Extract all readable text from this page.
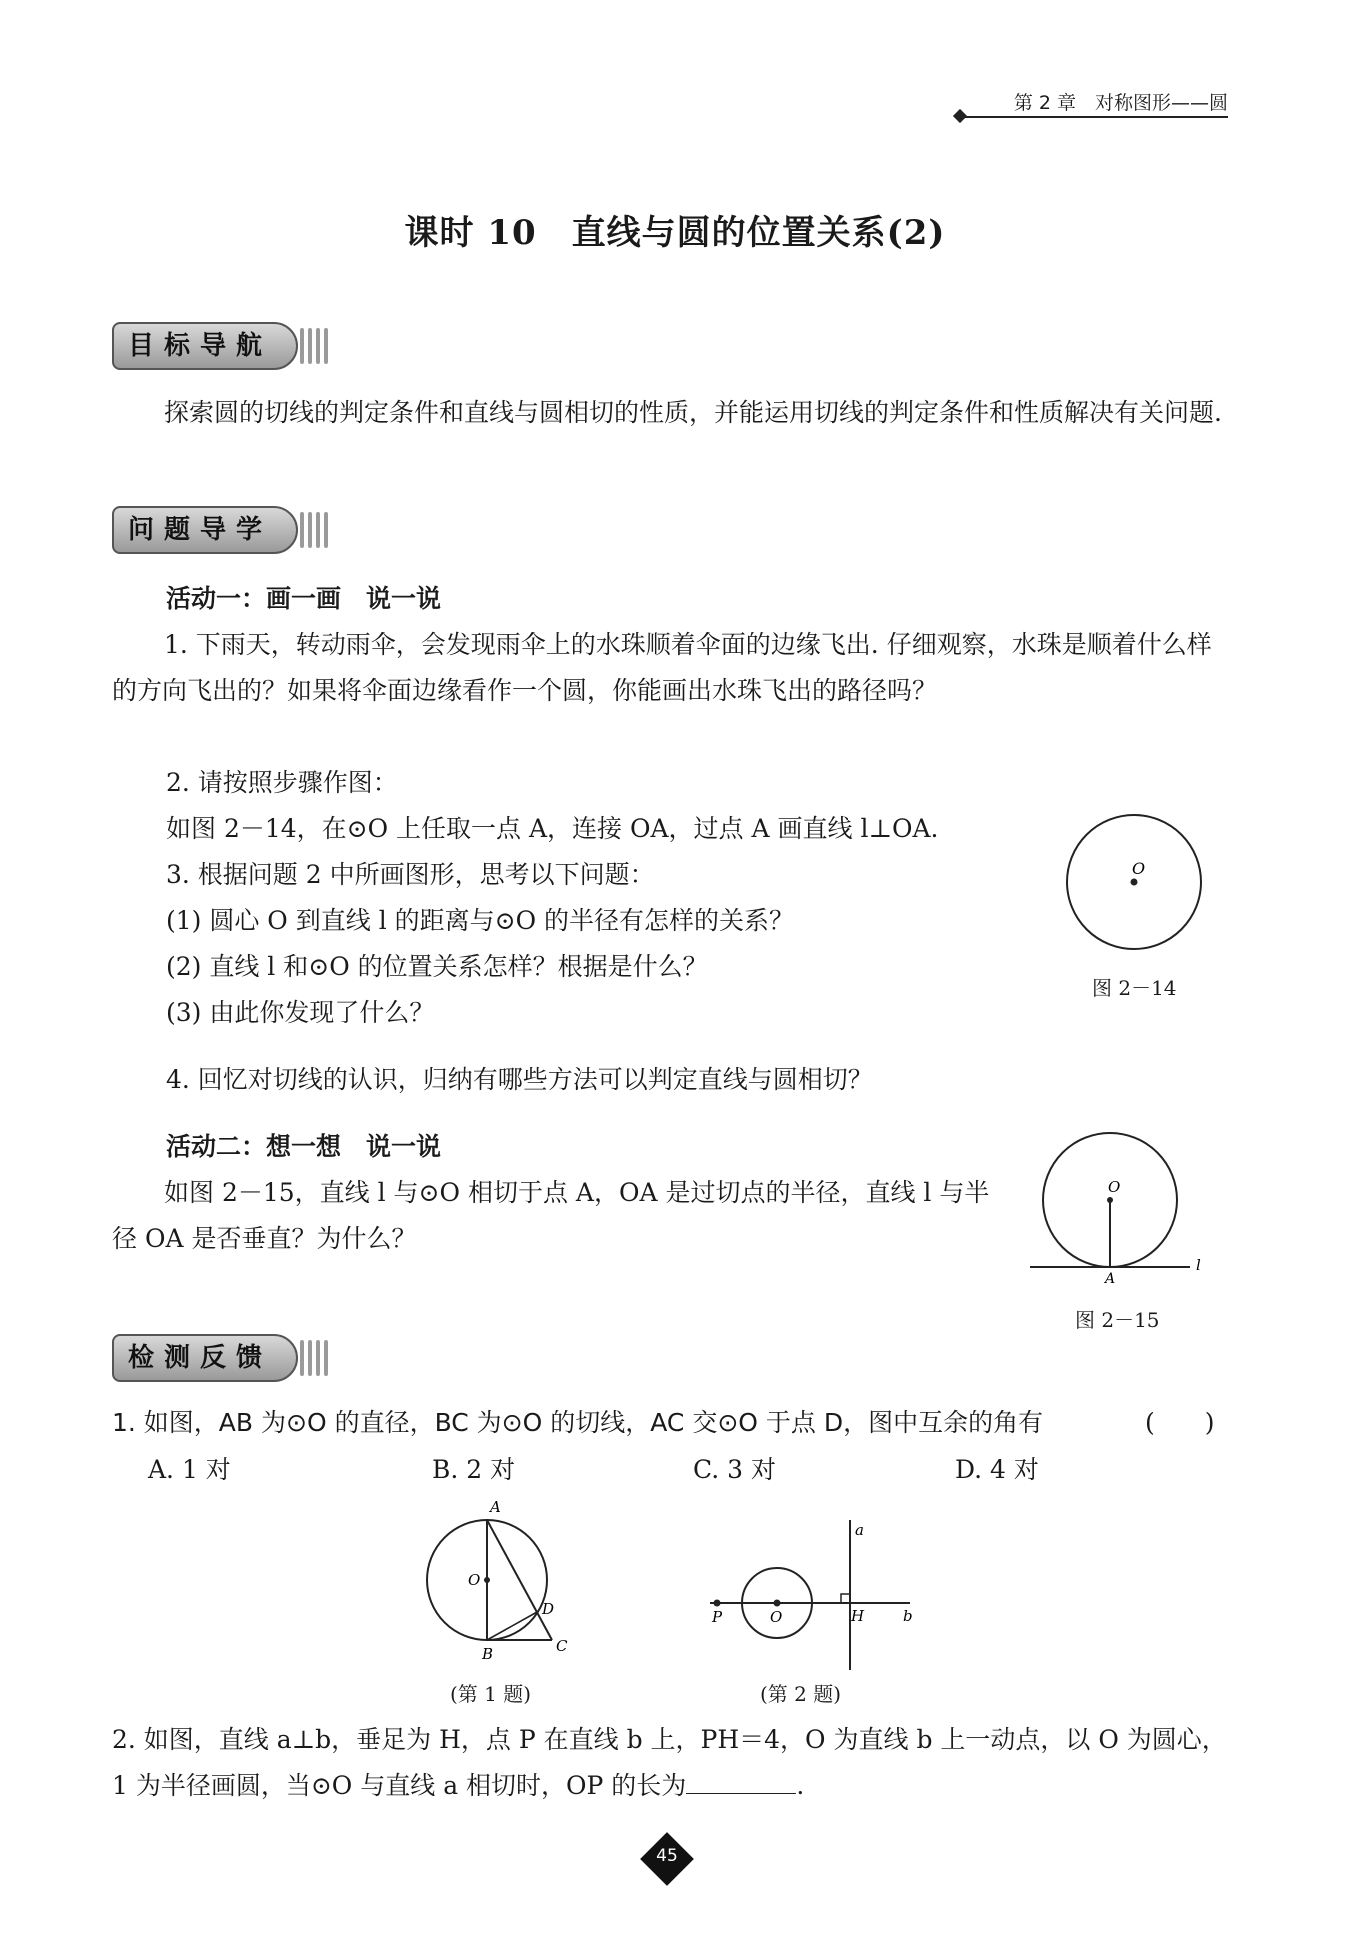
第 2 章　对称图形——圆
课时 10　直线与圆的位置关系(2)
目标导航
探索圆的切线的判定条件和直线与圆相切的性质，并能运用切线的判定条件和性质解决有关问题.
问题导学
活动一：画一画　说一说
1. 下雨天，转动雨伞，会发现雨伞上的水珠顺着伞面的边缘飞出. 仔细观察，水珠是顺着什么样的方向飞出的？如果将伞面边缘看作一个圆，你能画出水珠飞出的路径吗？
2. 请按照步骤作图：
如图 2－14，在⊙O 上任取一点 A，连接 OA，过点 A 画直线 l⊥OA.
3. 根据问题 2 中所画图形，思考以下问题：
(1) 圆心 O 到直线 l 的距离与⊙O 的半径有怎样的关系？
(2) 直线 l 和⊙O 的位置关系怎样？根据是什么？
(3) 由此你发现了什么？
O
图 2－14
4. 回忆对切线的认识，归纳有哪些方法可以判定直线与圆相切？
活动二：想一想　说一说
如图 2－15，直线 l 与⊙O 相切于点 A，OA 是过切点的半径，直线 l 与半径 OA 是否垂直？为什么？
O
A
l
图 2－15
检测反馈
1. 如图，AB 为⊙O 的直径，BC 为⊙O 的切线，AC 交⊙O 于点 D，图中互余的角有	(　　)
A. 1 对	B. 2 对	C. 3 对	D. 4 对
A
B	C
D
O
(第 1 题)
a
b
P	O	H
(第 2 题)
2. 如图，直线 a⊥b，垂足为 H，点 P 在直线 b 上，PH＝4，O 为直线 b 上一动点，以 O 为圆心，1 为半径画圆，当⊙O 与直线 a 相切时，OP 的长为	.
45
